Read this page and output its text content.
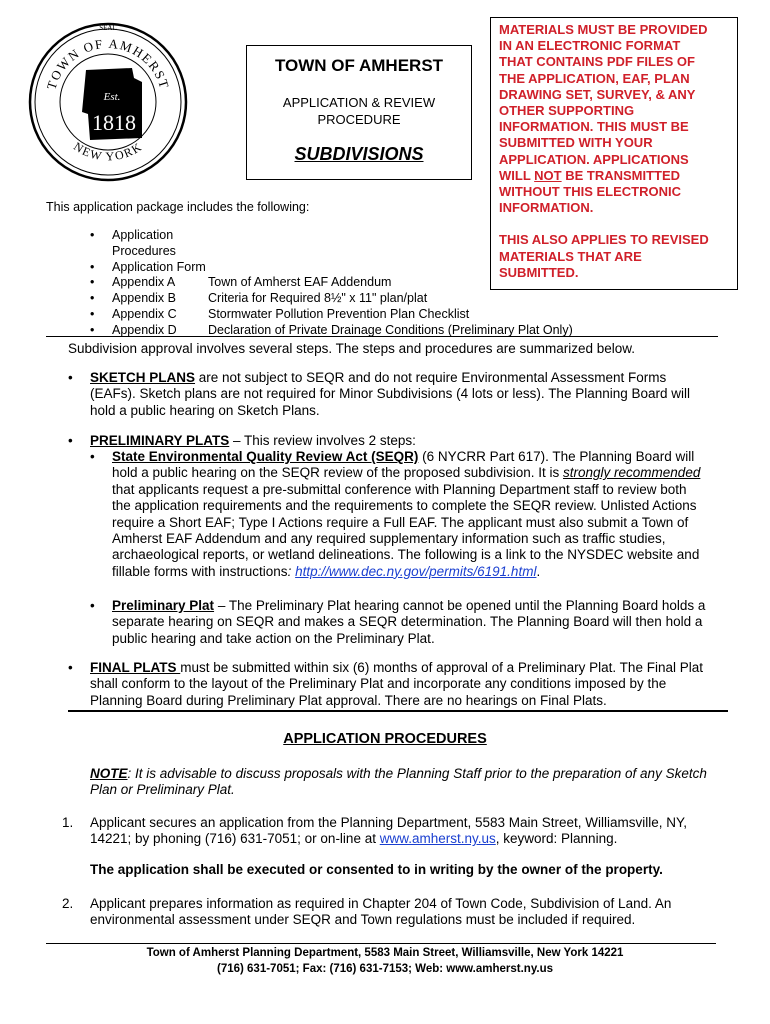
TOWN OF AMHERST
NEW YORK
SEAL
Est.
1818
TOWN OF AMHERST
APPLICATION & REVIEW
PROCEDURE
SUBDIVISIONS

MATERIALS MUST BE PROVIDED

IN AN ELECTRONIC FORMAT

THAT CONTAINS PDF FILES OF

THE APPLICATION, EAF, PLAN

DRAWING SET, SURVEY, & ANY

OTHER SUPPORTING

INFORMATION. THIS MUST BE

SUBMITTED WITH YOUR

APPLICATION. APPLICATIONS

WILL NOT BE TRANSMITTED

WITHOUT THIS ELECTRONIC

INFORMATION.

THIS ALSO APPLIES TO REVISED

MATERIALS THAT ARE

SUBMITTED.

This application package includes the following:
• Application Procedures
• Application Form
• Appendix A	Town of Amherst EAF Addendum
• Appendix B	Criteria for Required 8½" x 11" plan/plat
• Appendix C	Stormwater Pollution Prevention Plan Checklist
• Appendix D	Declaration of Private Drainage Conditions (Preliminary Plat Only)
Subdivision approval involves several steps. The steps and procedures are summarized below.
• SKETCH PLANS are not subject to SEQR and do not require Environmental Assessment Forms
(EAFs). Sketch plans are not required for Minor Subdivisions (4 lots or less). The Planning Board will
hold a public hearing on Sketch Plans.
• PRELIMINARY PLATS – This review involves 2 steps:
• State Environmental Quality Review Act (SEQR) (6 NYCRR Part 617). The Planning Board will
hold a public hearing on the SEQR review of the proposed subdivision. It is strongly recommended
that applicants request a pre-submittal conference with Planning Department staff to review both
the application requirements and the requirements to complete the SEQR review. Unlisted Actions
require a Short EAF; Type I Actions require a Full EAF. The applicant must also submit a Town of
Amherst EAF Addendum and any required supplementary information such as traffic studies,
archaeological reports, or wetland delineations. The following is a link to the NYSDEC website and
fillable forms with instructions: http://www.dec.ny.gov/permits/6191.html.
• Preliminary Plat – The Preliminary Plat hearing cannot be opened until the Planning Board holds a
separate hearing on SEQR and makes a SEQR determination. The Planning Board will then hold a
public hearing and take action on the Preliminary Plat.
• FINAL PLATS must be submitted within six (6) months of approval of a Preliminary Plat. The Final Plat
shall conform to the layout of the Preliminary Plat and incorporate any conditions imposed by the
Planning Board during Preliminary Plat approval. There are no hearings on Final Plats.
APPLICATION PROCEDURES
NOTE: It is advisable to discuss proposals with the Planning Staff prior to the preparation of any Sketch
Plan or Preliminary Plat.
1. Applicant secures an application from the Planning Department, 5583 Main Street, Williamsville, NY,
14221; by phoning (716) 631-7051; or on-line at www.amherst.ny.us, keyword: Planning.
The application shall be executed or consented to in writing by the owner of the property.
2. Applicant prepares information as required in Chapter 204 of Town Code, Subdivision of Land. An
environmental assessment under SEQR and Town regulations must be included if required.
Town of Amherst Planning Department, 5583 Main Street, Williamsville, New York 14221
(716) 631-7051; Fax: (716) 631-7153; Web: www.amherst.ny.us
